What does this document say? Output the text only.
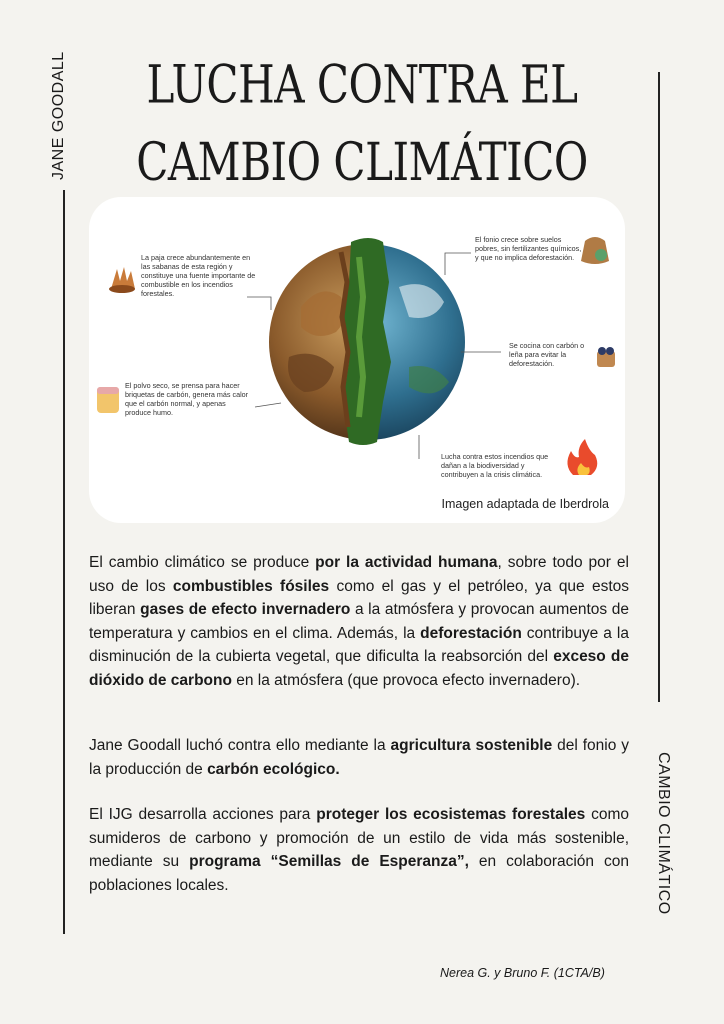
JANE GOODALL
CAMBIO CLIMÁTICO
LUCHA CONTRA EL
CAMBIO CLIMÁTICO
La paja crece abundantemente en las sabanas de esta región y constituye una fuente importante de combustible en los incendios forestales.
El polvo seco, se prensa para hacer briquetas de carbón, genera más calor que el carbón normal, y apenas produce humo.
El fonio crece sobre suelos pobres, sin fertilizantes químicos, y que no implica deforestación.
Se cocina con carbón o leña para evitar la deforestación.
Lucha contra estos incendios que dañan a la biodiversidad y contribuyen a la crisis climática.
Imagen adaptada de Iberdrola
El cambio climático se produce por la actividad humana, sobre todo por el uso de los combustibles fósiles como el gas y el petróleo, ya que estos liberan gases de efecto invernadero a la atmósfera y provocan aumentos de temperatura y cambios en el clima. Además, la deforestación contribuye a la disminución de la cubierta vegetal, que dificulta la reabsorción del exceso de dióxido de carbono en la atmósfera (que provoca efecto invernadero).
Jane Goodall luchó contra ello mediante la agricultura sostenible del fonio y la producción de carbón ecológico.
El IJG desarrolla acciones para proteger los ecosistemas forestales como sumideros de carbono y promoción de un estilo de vida más sostenible, mediante su programa “Semillas de Esperanza”, en colaboración con poblaciones locales.
Nerea G. y Bruno F. (1CTA/B)
